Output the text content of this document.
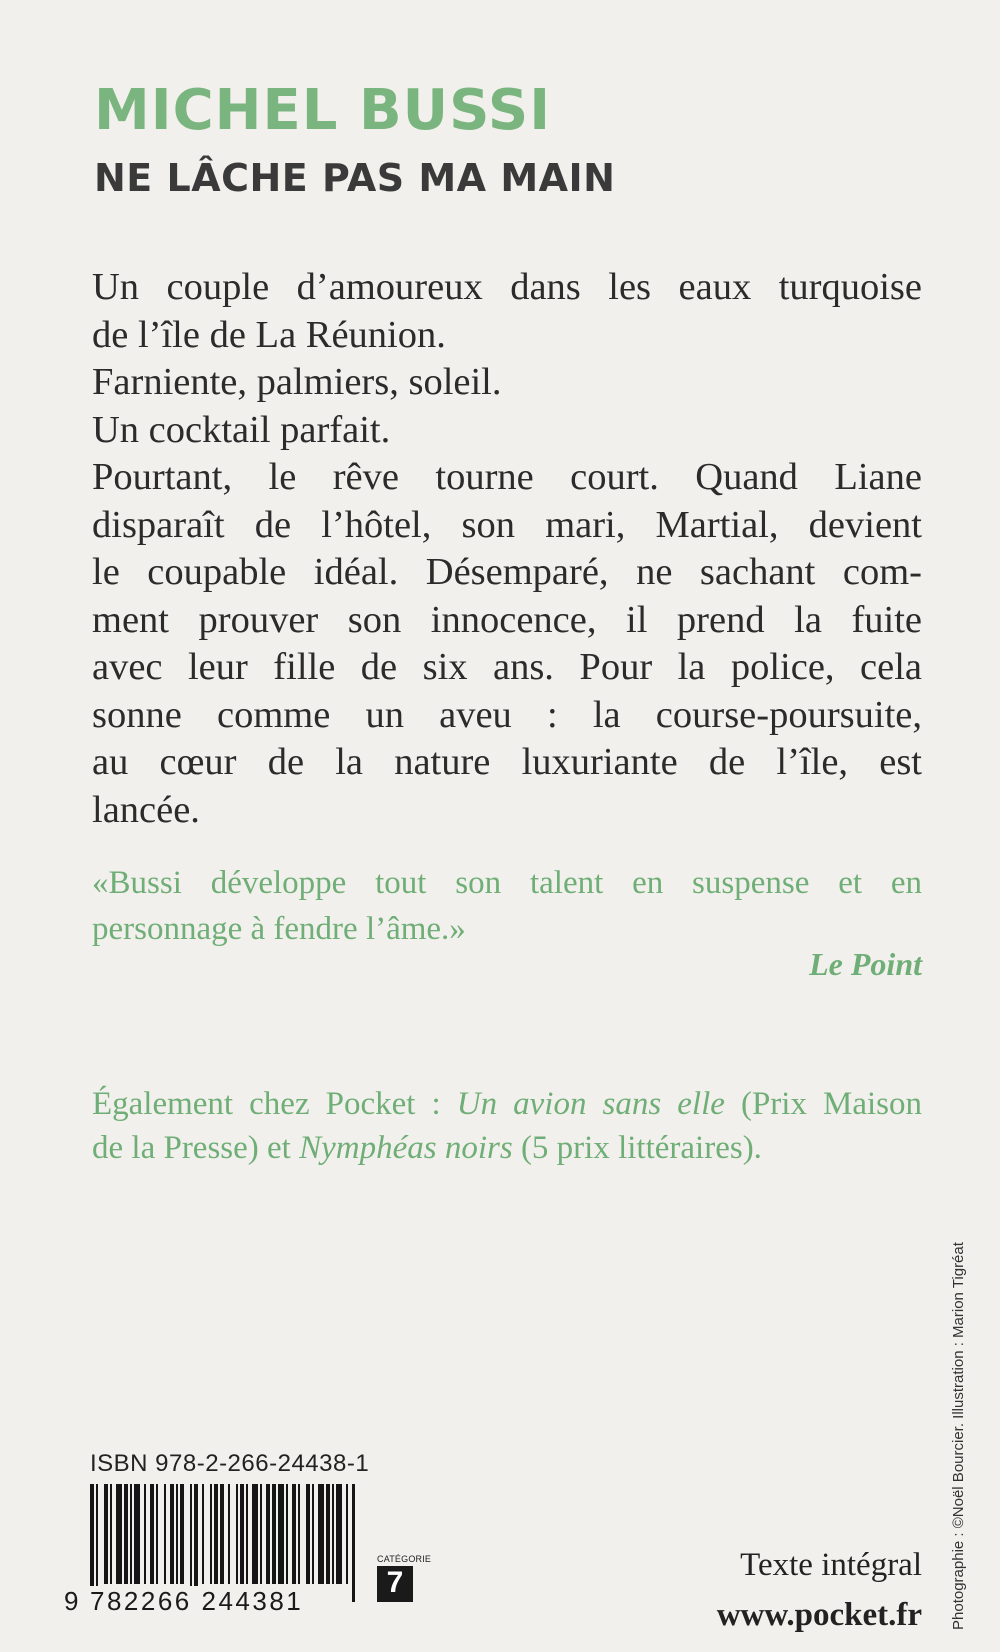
MICHEL BUSSI
NE LÂCHE PAS MA MAIN
Un couple d’amoureux dans les eaux turquoise
de l’île de La Réunion.
Farniente, palmiers, soleil.
Un cocktail parfait.
Pourtant, le rêve tourne court. Quand Liane
disparaît de l’hôtel, son mari, Martial, devient
le coupable idéal. Désemparé, ne sachant com-
ment prouver son innocence, il prend la fuite
avec leur fille de six ans. Pour la police, cela
sonne comme un aveu : la course-poursuite,
au cœur de la nature luxuriante de l’île, est
lancée.
«Bussi développe tout son talent en suspense et en
personnage à fendre l’âme.»
Le Point
Également chez Pocket : Un avion sans elle (Prix Maison
de la Presse) et Nymphéas noirs (5 prix littéraires).
Photographie : ©Noël Bourcier. Illustration : Marion Tigréat
ISBN 978-2-266-24438-1
9 782266 244381
CATÉGORIE
7	Texte intégral
www.pocket.fr
